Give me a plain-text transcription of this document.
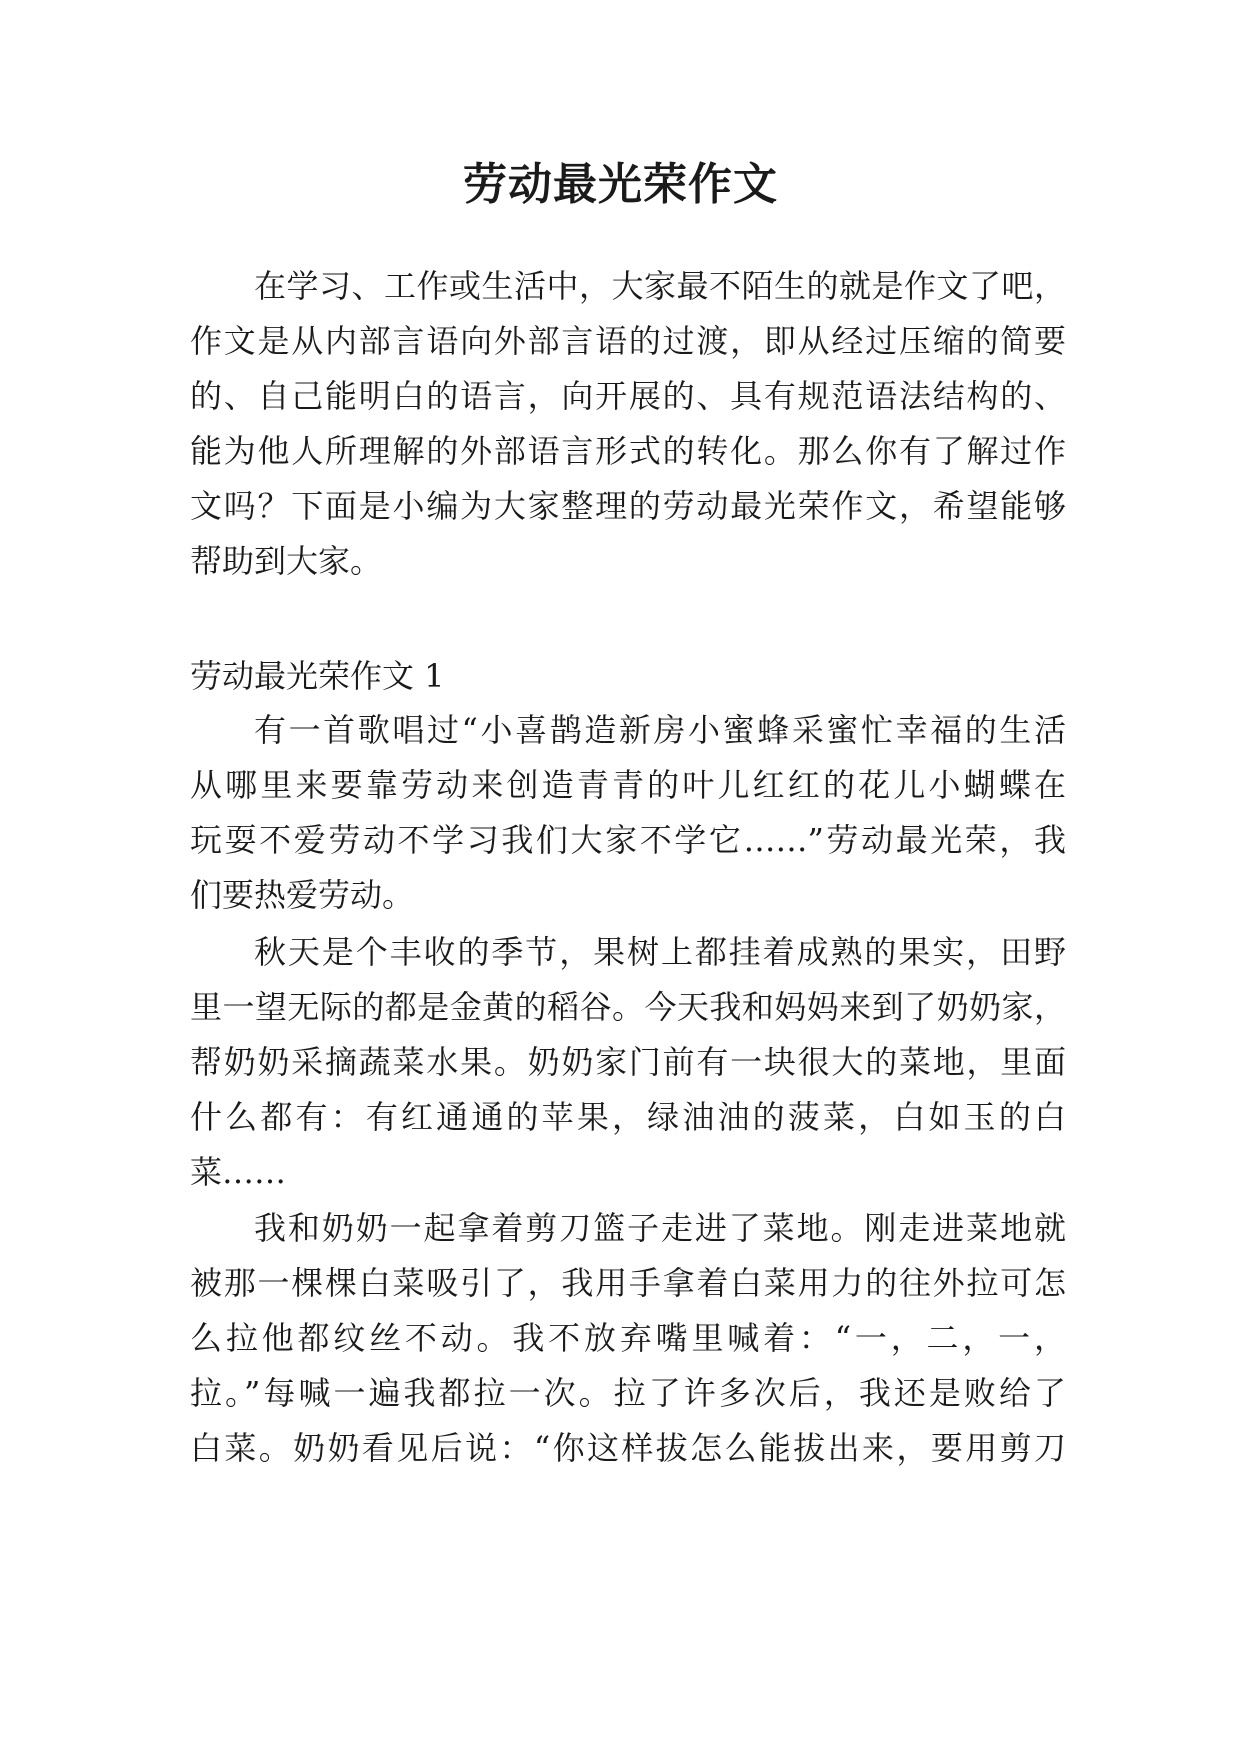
劳动最光荣作文
在学习、工作或生活中，大家最不陌生的就是作文了吧，
作文是从内部言语向外部言语的过渡，即从经过压缩的简要
的、自己能明白的语言，向开展的、具有规范语法结构的、
能为他人所理解的外部语言形式的转化。那么你有了解过作
文吗？下面是小编为大家整理的劳动最光荣作文，希望能够
帮助到大家。
劳动最光荣作文 1
有一首歌唱过“小喜鹊造新房小蜜蜂采蜜忙幸福的生活
从哪里来要靠劳动来创造青青的叶儿红红的花儿小蝴蝶在
玩耍不爱劳动不学习我们大家不学它……”劳动最光荣，我
们要热爱劳动。
秋天是个丰收的季节，果树上都挂着成熟的果实，田野
里一望无际的都是金黄的稻谷。今天我和妈妈来到了奶奶家，
帮奶奶采摘蔬菜水果。奶奶家门前有一块很大的菜地，里面
什么都有：有红通通的苹果，绿油油的菠菜，白如玉的白
菜……
我和奶奶一起拿着剪刀篮子走进了菜地。刚走进菜地就
被那一棵棵白菜吸引了，我用手拿着白菜用力的往外拉可怎
么拉他都纹丝不动。我不放弃嘴里喊着：“一，二，一，
拉。”每喊一遍我都拉一次。拉了许多次后，我还是败给了
白菜。奶奶看见后说：“你这样拔怎么能拔出来，要用剪刀
